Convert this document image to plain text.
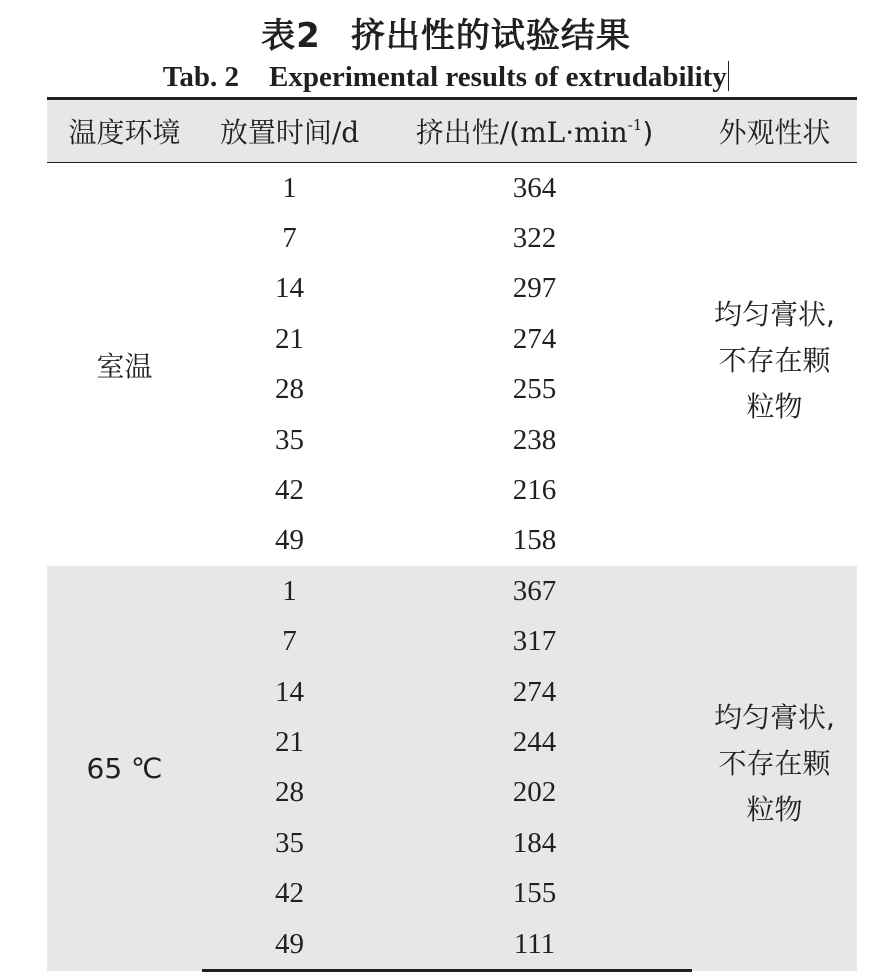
表2 挤出性的试验结果
Tab. 2 Experimental results of extrudability
温度环境	放置时间/d	挤出性$/(mL\cdot\min^{-1})$	外观性状
室温	1	364	均匀膏状,
不存在颗
粒物

	7	322	
	14	297	
	21	274	
	28	255	
	35	238	
	42	216	
	49	158	
65 ℃	1	367	均匀膏状,
不存在颗
粒物

	7	317	
	14	274	
	21	244	
	28	202	
	35	184	
	42	155	
	49	111	
